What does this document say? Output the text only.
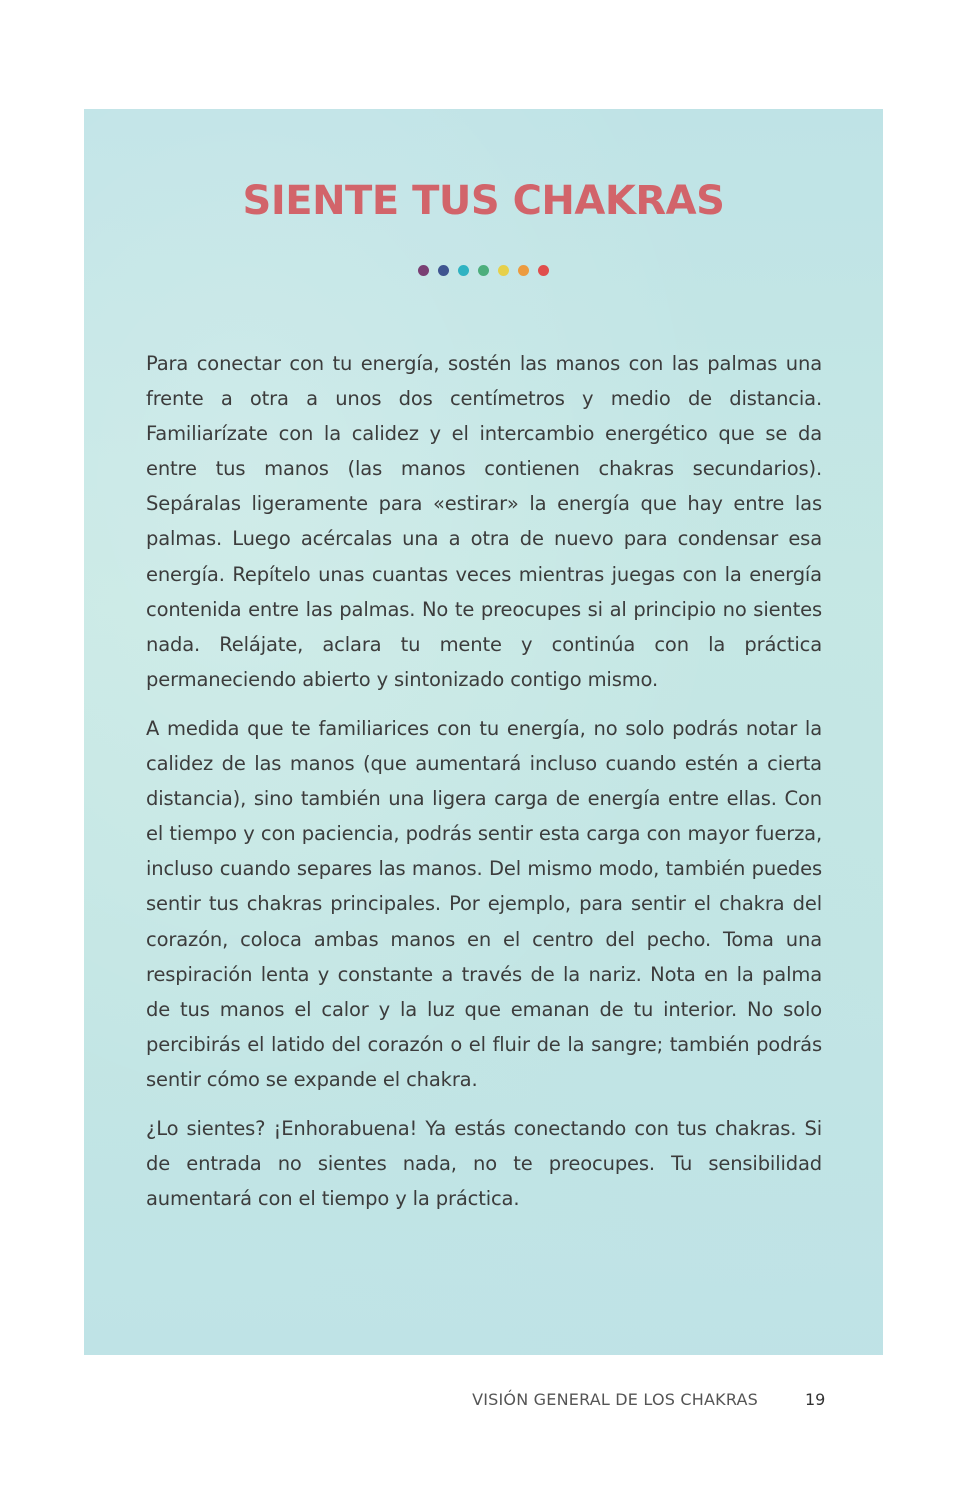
SIENTE TUS CHAKRAS

Para conectar con tu energía, sostén las manos con las palmas una frente a otra a unos dos centímetros y medio de distancia. Familiarízate con la calidez y el intercambio energético que se da entre tus manos (las manos contienen chakras secundarios). Sepáralas ligeramente para «estirar» la energía que hay entre las palmas. Luego acércalas una a otra de nuevo para condensar esa energía. Repítelo unas cuantas veces mientras juegas con la energía contenida entre las palmas. No te preocupes si al principio no sientes nada. Relájate, aclara tu mente y continúa con la práctica permaneciendo abierto y sintonizado contigo mismo.

A medida que te familiarices con tu energía, no solo podrás notar la calidez de las manos (que aumentará incluso cuando estén a cierta distancia), sino también una ligera carga de energía entre ellas. Con el tiempo y con paciencia, podrás sentir esta carga con mayor fuerza, incluso cuando separes las manos. Del mismo modo, también puedes sentir tus chakras principales. Por ejemplo, para sentir el chakra del corazón, coloca ambas manos en el centro del pecho. Toma una respiración lenta y constante a través de la nariz. Nota en la palma de tus manos el calor y la luz que emanan de tu interior. No solo percibirás el latido del corazón o el fluir de la sangre; también podrás sentir cómo se expande el chakra.

¿Lo sientes? ¡Enhorabuena! Ya estás conectando con tus chakras. Si de entrada no sientes nada, no te preocupes. Tu sensibilidad aumentará con el tiempo y la práctica.

VISIÓN GENERAL DE LOS CHAKRAS	19
